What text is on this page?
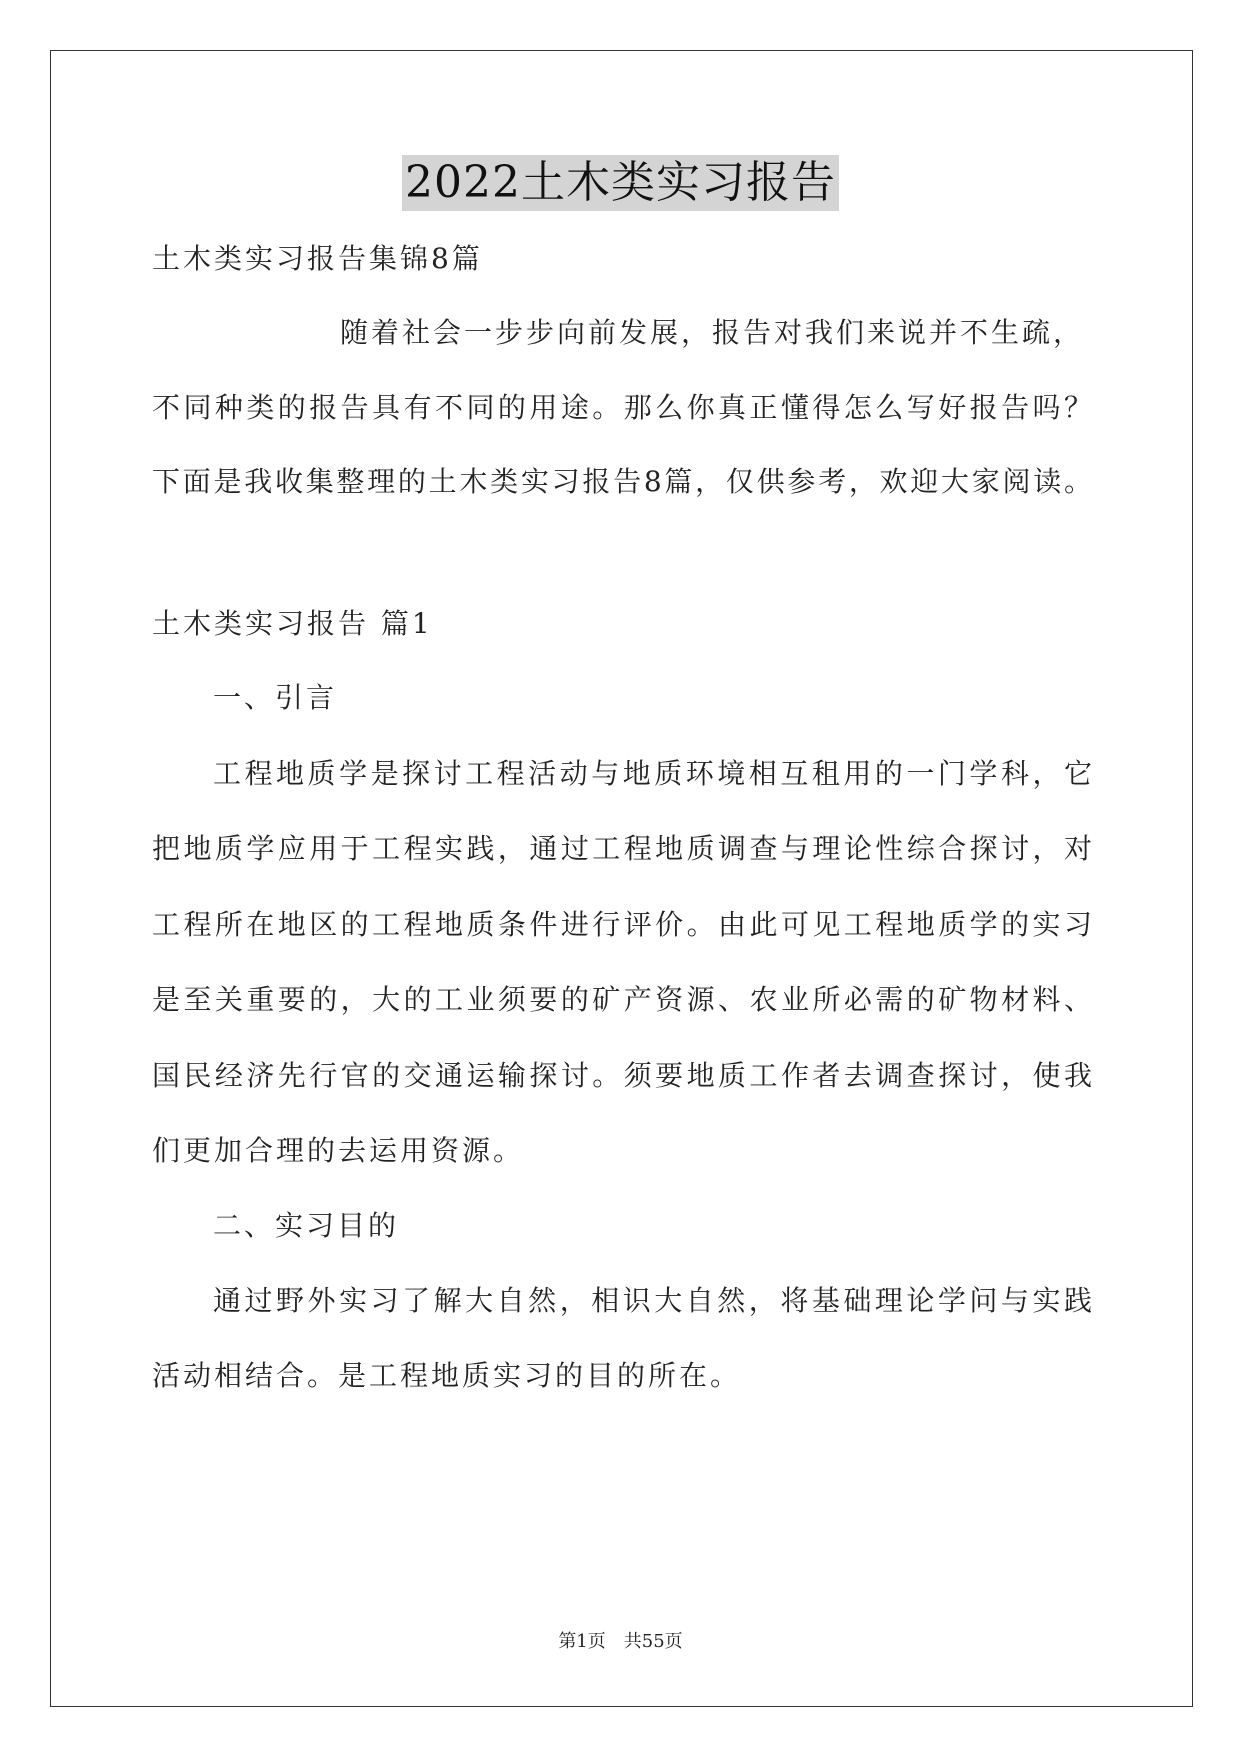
2022土木类实习报告
土木类实习报告集锦8篇
随着社会一步步向前发展，报告对我们来说并不生疏，
不同种类的报告具有不同的用途。那么你真正懂得怎么写好报告吗？
下面是我收集整理的土木类实习报告8篇，仅供参考，欢迎大家阅读。
土木类实习报告 篇1
一、引言
工程地质学是探讨工程活动与地质环境相互租用的一门学科，它
把地质学应用于工程实践，通过工程地质调查与理论性综合探讨，对
工程所在地区的工程地质条件进行评价。由此可见工程地质学的实习
是至关重要的，大的工业须要的矿产资源、农业所必需的矿物材料、
国民经济先行官的交通运输探讨。须要地质工作者去调查探讨，使我
们更加合理的去运用资源。
二、实习目的
通过野外实习了解大自然，相识大自然，将基础理论学问与实践
活动相结合。是工程地质实习的目的所在。
第1页 共55页
